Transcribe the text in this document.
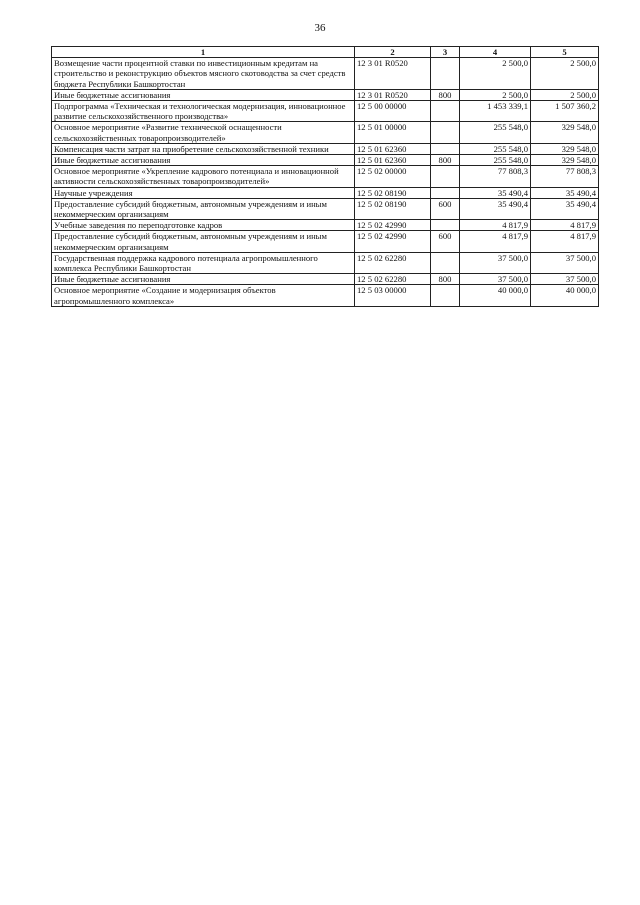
36
1	2	3	4	5
Возмещение части процентной ставки по инвестиционным кредитам на строительство и реконструкцию объектов мясного скотоводства за счет средств бюджета Республики Башкортостан	12 3 01 R0520		2 500,0	2 500,0
Иные бюджетные ассигнования	12 3 01 R0520	800	2 500,0	2 500,0
Подпрограмма «Техническая и технологическая модернизация, инновационное развитие сельскохозяйственного производства»	12 5 00 00000		1 453 339,1	1 507 360,2
Основное мероприятие «Развитие технической оснащенности сельскохозяйственных товаропроизводителей»	12 5 01 00000		255 548,0	329 548,0
Компенсация части затрат на приобретение сельскохозяйственной техники	12 5 01 62360		255 548,0	329 548,0
Иные бюджетные ассигнования	12 5 01 62360	800	255 548,0	329 548,0
Основное мероприятие «Укрепление кадрового потенциала и инновационной активности сельскохозяйственных товаропроизводителей»	12 5 02 00000		77 808,3	77 808,3
Научные учреждения	12 5 02 08190		35 490,4	35 490,4
Предоставление субсидий бюджетным, автономным учреждениям и иным некоммерческим организациям	12 5 02 08190	600	35 490,4	35 490,4
Учебные заведения по переподготовке кадров	12 5 02 42990		4 817,9	4 817,9
Предоставление субсидий бюджетным, автономным учреждениям и иным некоммерческим организациям	12 5 02 42990	600	4 817,9	4 817,9
Государственная поддержка кадрового потенциала агропромышленного комплекса Республики Башкортостан	12 5 02 62280		37 500,0	37 500,0
Иные бюджетные ассигнования	12 5 02 62280	800	37 500,0	37 500,0
Основное мероприятие «Создание и модернизация объектов агропромышленного комплекса»	12 5 03 00000		40 000,0	40 000,0
